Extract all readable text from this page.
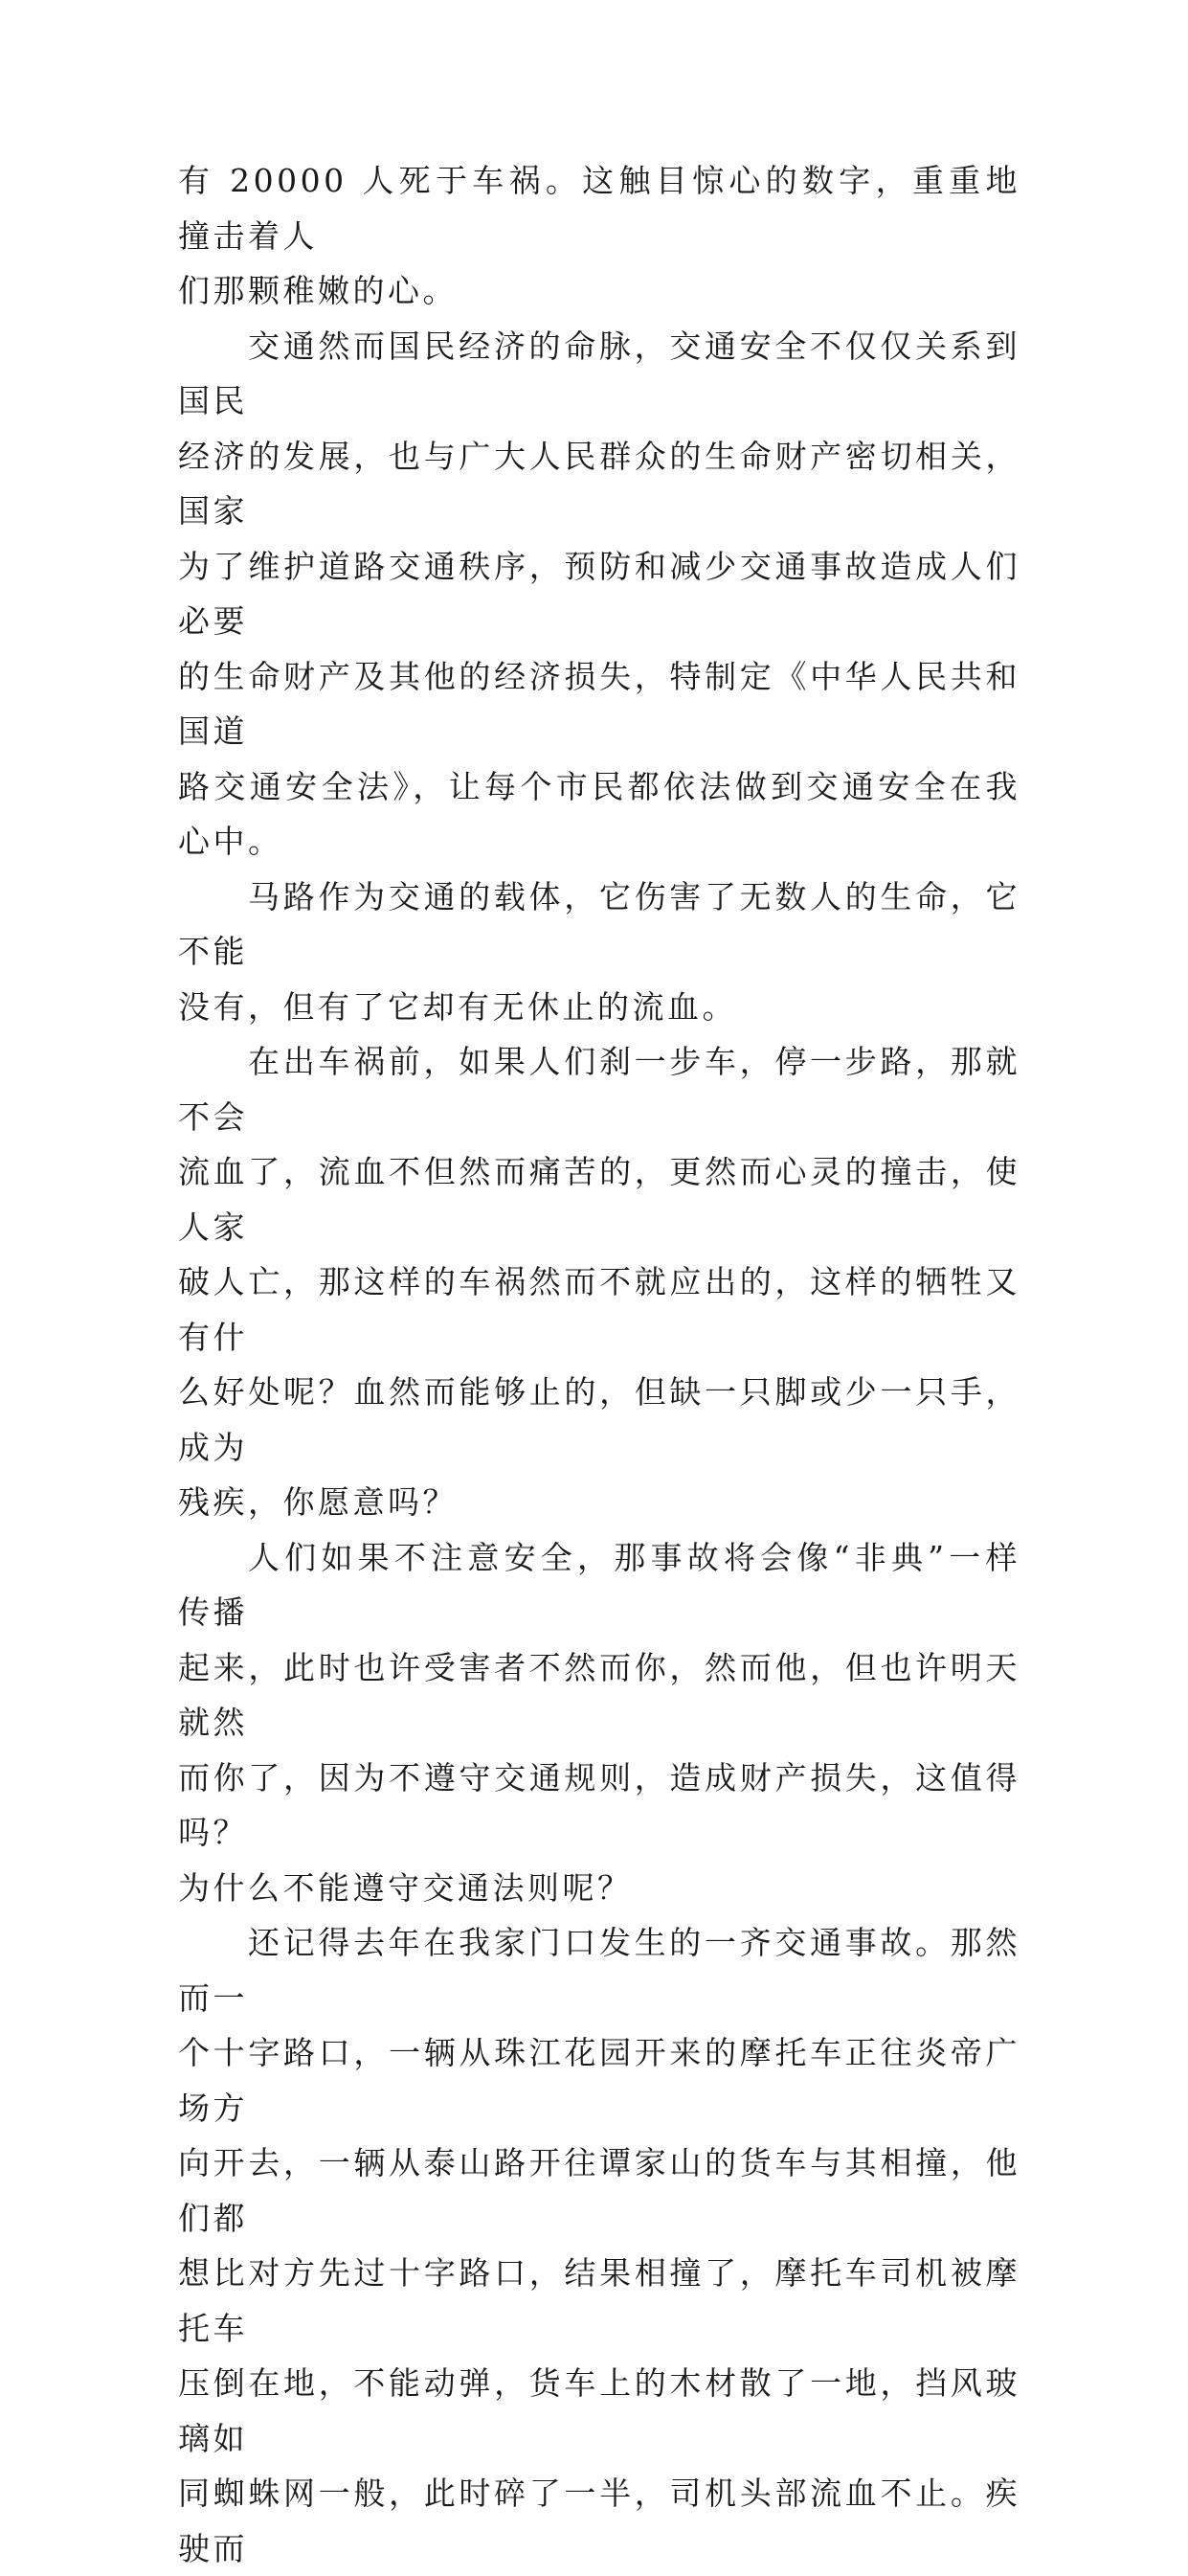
有 20000 人死于车祸。这触目惊心的数字，重重地撞击着人
们那颗稚嫩的心。

交通然而国民经济的命脉，交通安全不仅仅关系到国民
经济的发展，也与广大人民群众的生命财产密切相关，国家
为了维护道路交通秩序，预防和减少交通事故造成人们必要
的生命财产及其他的经济损失，特制定《中华人民共和国道
路交通安全法》，让每个市民都依法做到交通安全在我心中。

马路作为交通的载体，它伤害了无数人的生命，它不能
没有，但有了它却有无休止的流血。

在出车祸前，如果人们刹一步车，停一步路，那就不会
流血了，流血不但然而痛苦的，更然而心灵的撞击，使人家
破人亡，那这样的车祸然而不就应出的，这样的牺牲又有什
么好处呢？血然而能够止的，但缺一只脚或少一只手，成为
残疾，你愿意吗？

人们如果不注意安全，那事故将会像“非典”一样传播
起来，此时也许受害者不然而你，然而他，但也许明天就然
而你了，因为不遵守交通规则，造成财产损失，这值得吗？
为什么不能遵守交通法则呢？

还记得去年在我家门口发生的一齐交通事故。那然而一
个十字路口，一辆从珠江花园开来的摩托车正往炎帝广场方
向开去，一辆从泰山路开往谭家山的货车与其相撞，他们都
想比对方先过十字路口，结果相撞了，摩托车司机被摩托车
压倒在地，不能动弹，货车上的木材散了一地，挡风玻璃如
同蜘蛛网一般，此时碎了一半，司机头部流血不止。疾驶而
